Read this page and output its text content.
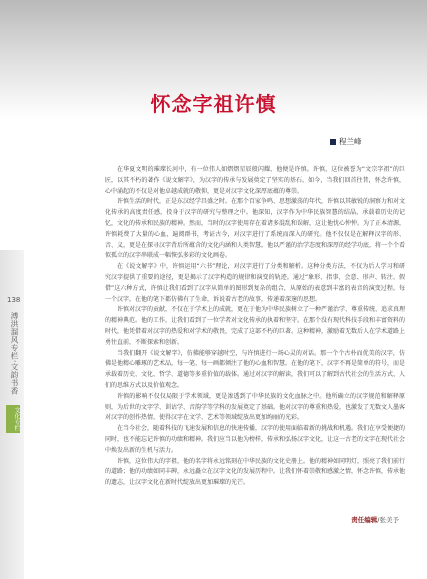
138
溥洪溜风专栏·文韵书香
文化专栏
怀念字祖许慎
程兰峰

在华夏文明的璀璨长河中，有一位伟人如熠熠星辰般闪耀，他便是许慎。许慎，这位被誉为“文宗字祖”的巨匠，以其不朽的著作《说文解字》，为汉字的传承与发展奠定了坚实的基石。如今，当我们回首往昔，怀念许慎，心中涌起的不仅是对他卓越成就的敬仰，更是对汉字文化深厚底蕴的尊崇。

许慎生活的时代，正是东汉经学昌盛之时。在那个百家争鸣、思想激荡的年代，许慎以其敏锐的洞察力和对文化传承的高度责任感，投身于汉字的研究与整理之中。他深知，汉字作为中华民族智慧的结晶，承载着历史的记忆，文化的传承和民族的精神。然而，当时的汉字使用存在着诸多混乱和误解，这让他忧心忡忡。为了正本清源，许慎耗费了大量的心血，遍阅群书，考证古今，对汉字进行了系统而深入的研究。他不仅仅是在解释汉字的形、音、义，更是在探寻汉字背后所蕴含的文化内涵和人类智慧。他以严谨的治学态度和深厚的经学功底，将一个个看似孤立的汉字串联成一幅恢弘多彩的文化画卷。

在《说文解字》中，许慎运用“六书”理论，对汉字进行了分类和解析。这种分类方法，不仅为后人学习和研究汉字提供了重要的途径，更是揭示了汉字构造的规律和演变的轨迹。通过“象形、指事、会意、形声、转注、假借”这六种方式，许慎让我们看到了汉字从简单的图形到复杂的组合，从原始的表意到丰富的表音的演变过程。每一个汉字，在他的笔下都仿佛有了生命，诉说着古老的故事，传递着深邃的思想。

许慎对汉字的贡献，不仅在于学术上的成就，更在于他为中华民族树立了一种严谨治学、尊重传统、追求真理的精神典范。他的工作，让我们看到了一位学者对文化传承的执着和坚守。在那个没有现代科技手段和丰富资料的时代，他凭借着对汉字的热爱和对学术的敬畏，完成了这部不朽的巨著。这种精神，激励着无数后人在学术道路上勇往直前，不断探索和创新。

当我们翻开《说文解字》，仿佛能够穿越时空，与许慎进行一场心灵的对话。那一个个古朴而优美的汉字，仿佛是他精心雕琢的艺术品，每一笔、每一画都倾注了他的心血和智慧。在他的笔下，汉字不再是简单的符号，而是承载着历史、文化、哲学、道德等多重价值的载体。通过对汉字的解读，我们可以了解到古代社会的生活方式、人们的思维方式以及价值观念。

许慎的影响不仅仅局限于学术领域，更是渗透到了中华民族的文化血脉之中。他所确立的汉字规范和解释原则，为后世的文字学、训诂学、音韵学等学科的发展奠定了基础。他对汉字的尊重和热爱，也激发了无数文人墨客对汉字的创作热情，使得汉字在文学、艺术等领域绽放出更加绚丽的光彩。

在当今社会，随着科技的飞速发展和信息的快速传播，汉字的使用面临着新的挑战和机遇。我们在享受便捷的同时，也不能忘记许慎的功绩和精神。我们应当以他为榜样，传承和弘扬汉字文化，让这一古老的文字在现代社会中焕发出新的生机与活力。

许慎，这位伟大的字祖，他的名字将永远铭刻在中华民族的文化史册上。他的精神如同明灯，照亮了我们前行的道路；他的功绩如同丰碑，永远矗立在汉字文化的发展历程中。让我们怀着崇敬和感激之情，怀念许慎，传承他的遗志，让汉字文化在新时代绽放出更加璀璨的光芒。

责任编辑/张美予
